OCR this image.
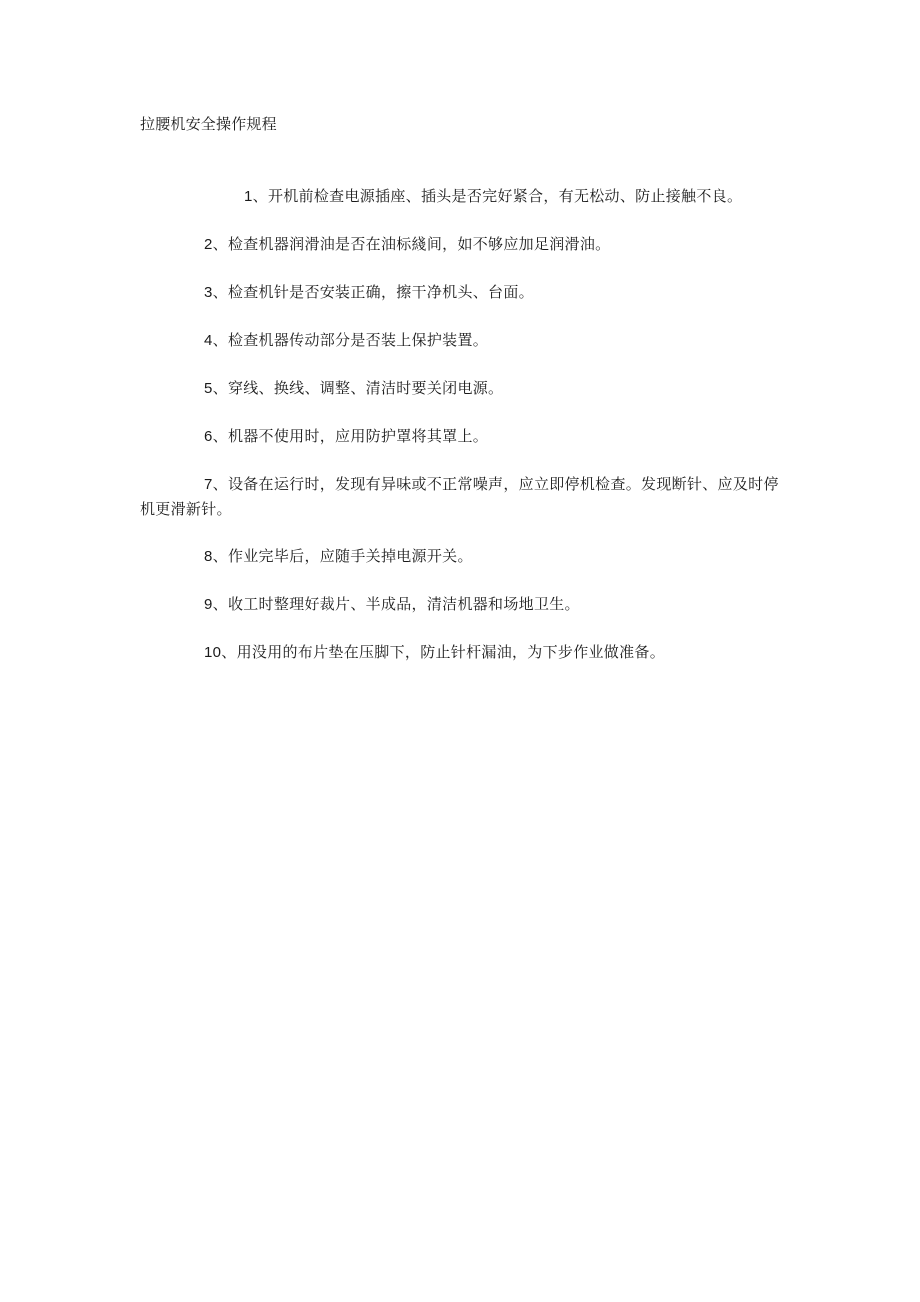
拉腰机安全操作规程
1、开机前检查电源插座、插头是否完好紧合，有无松动、防止接触不良。
2、检查机器润滑油是否在油标綫间，如不够应加足润滑油。
3、检查机针是否安装正确，擦干净机头、台面。
4、检查机器传动部分是否装上保护装置。
5、穿线、换线、调整、清洁时要关闭电源。
6、机器不使用时，应用防护罩将其罩上。
7、设备在运行时，发现有异味或不正常噪声，应立即停机检查。发现断针、应及时停机更滑新针。
8、作业完毕后，应随手关掉电源开关。
9、收工时整理好裁片、半成品，清洁机器和场地卫生。
10、用没用的布片垫在压脚下，防止针杆漏油，为下步作业做准备。
